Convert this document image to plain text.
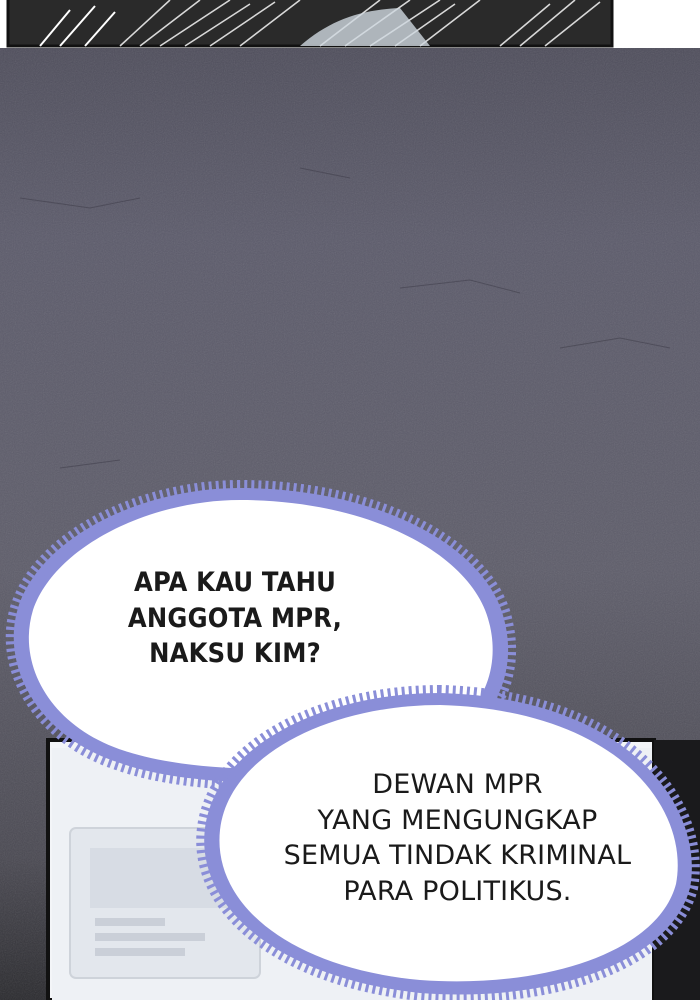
APA KAU TAHU
ANGGOTA MPR,
NAKSU KIM?
DEWAN MPR
YANG MENGUNGKAP
SEMUA TINDAK KRIMINAL
PARA POLITIKUS.
